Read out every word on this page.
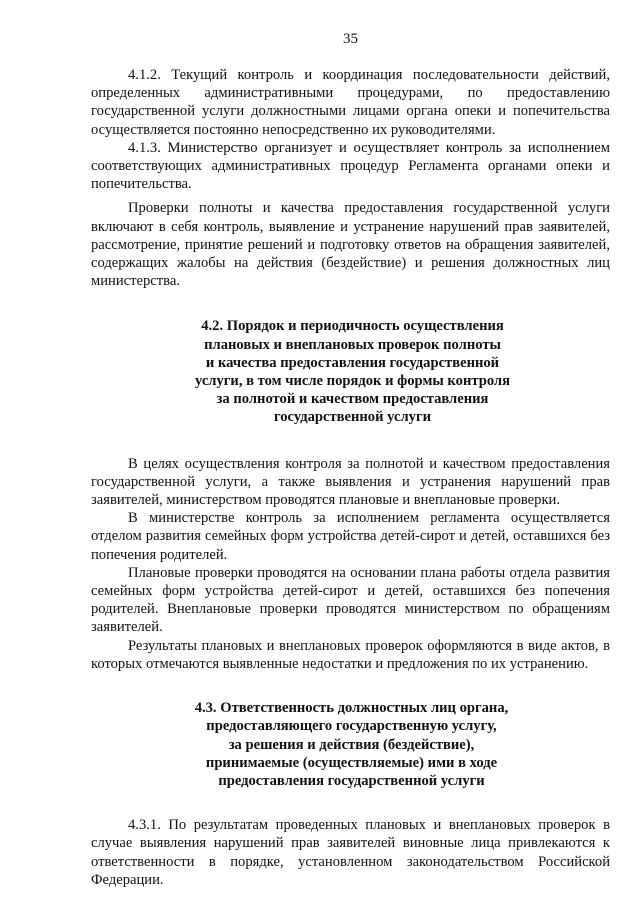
35

4.1.2. Текущий контроль и координация последовательности действий, определенных административными процедурами, по предоставлению государственной услуги должностными лицами органа опеки и попечительства осуществляется постоянно непосредственно их руководителями.

4.1.3. Министерство организует и осуществляет контроль за исполнением соответствующих административных процедур Регламента органами опеки и попечительства.

Проверки полноты и качества предоставления государственной услуги включают в себя контроль, выявление и устранение нарушений прав заявителей, рассмотрение, принятие решений и подготовку ответов на обращения заявителей, содержащих жалобы на действия (бездействие) и решения должностных лиц министерства.

4.2. Порядок и периодичность осуществления
плановых и внеплановых проверок полноты
и качества предоставления государственной
услуги, в том числе порядок и формы контроля
за полнотой и качеством предоставления
государственной услуги

В целях осуществления контроля за полнотой и качеством предоставления государственной услуги, а также выявления и устранения нарушений прав заявителей, министерством проводятся плановые и внеплановые проверки.

В министерстве контроль за исполнением регламента осуществляется отделом развития семейных форм устройства детей-сирот и детей, оставшихся без попечения родителей.

Плановые проверки проводятся на основании плана работы отдела развития семейных форм устройства детей-сирот и детей, оставшихся без попечения родителей. Внеплановые проверки проводятся министерством по обращениям заявителей.

Результаты плановых и внеплановых проверок оформляются в виде актов, в которых отмечаются выявленные недостатки и предложения по их устранению.

4.3. Ответственность должностных лиц органа,
предоставляющего государственную услугу,
за решения и действия (бездействие),
принимаемые (осуществляемые) ими в ходе
предоставления государственной услуги

4.3.1. По результатам проведенных плановых и внеплановых проверок в случае выявления нарушений прав заявителей виновные лица привлекаются к ответственности в порядке, установленном законодательством Российской Федерации.
